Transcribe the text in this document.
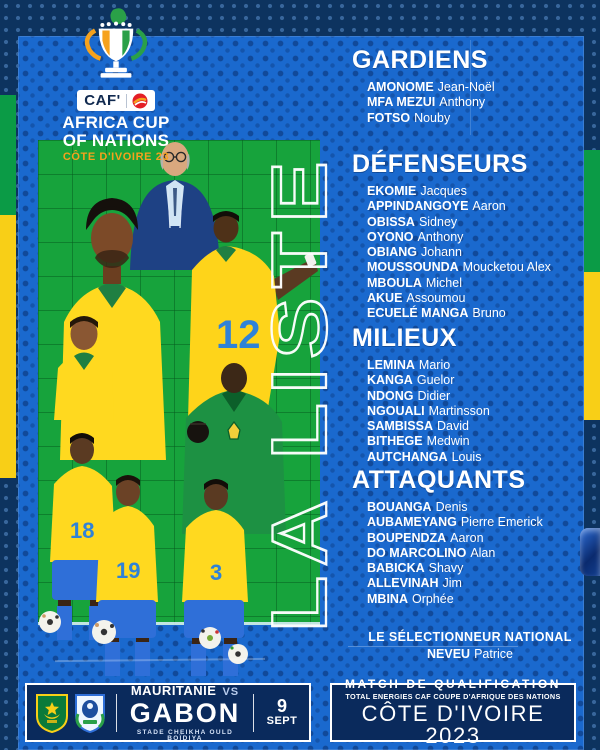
CAF'
AFRICA CUP
OF NATIONS
CÔTE D'IVOIRE 23
12
18
19	3 LA LISTE
GARDIENS
AMONOME Jean-Noël
MFA MEZUI Anthony
FOTSO Nouby
DÉFENSEURS
EKOMIE Jacques
APPINDANGOYE Aaron
OBISSA Sidney
OYONO Anthony
OBIANG Johann
MOUSSOUNDA Moucketou Alex
MBOULA Michel
AKUE Assoumou
ECUELÉ MANGA Bruno
MILIEUX
LEMINA Mario
KANGA Guelor
NDONG Didier
NGOUALI Martinsson
SAMBISSA David
BITHEGE Medwin
AUTCHANGA Louis
ATTAQUANTS
BOUANGA Denis
AUBAMEYANG Pierre Emerick
BOUPENDZA Aaron
DO MARCOLINO Alan
BABICKA Shavy
ALLEVINAH Jim
MBINA Orphée
LE SÉLECTIONNEUR NATIONAL
NEVEU Patrice
MAURITANIE VS
GABON
STADE CHEIKHA OULD BOÏDIYA
9
SEPT
MATCH DE QUALIFICATION
TOTAL ENERGIES CAF COUPE D'AFRIQUE DES NATIONS
CÔTE D'IVOIRE 2023
